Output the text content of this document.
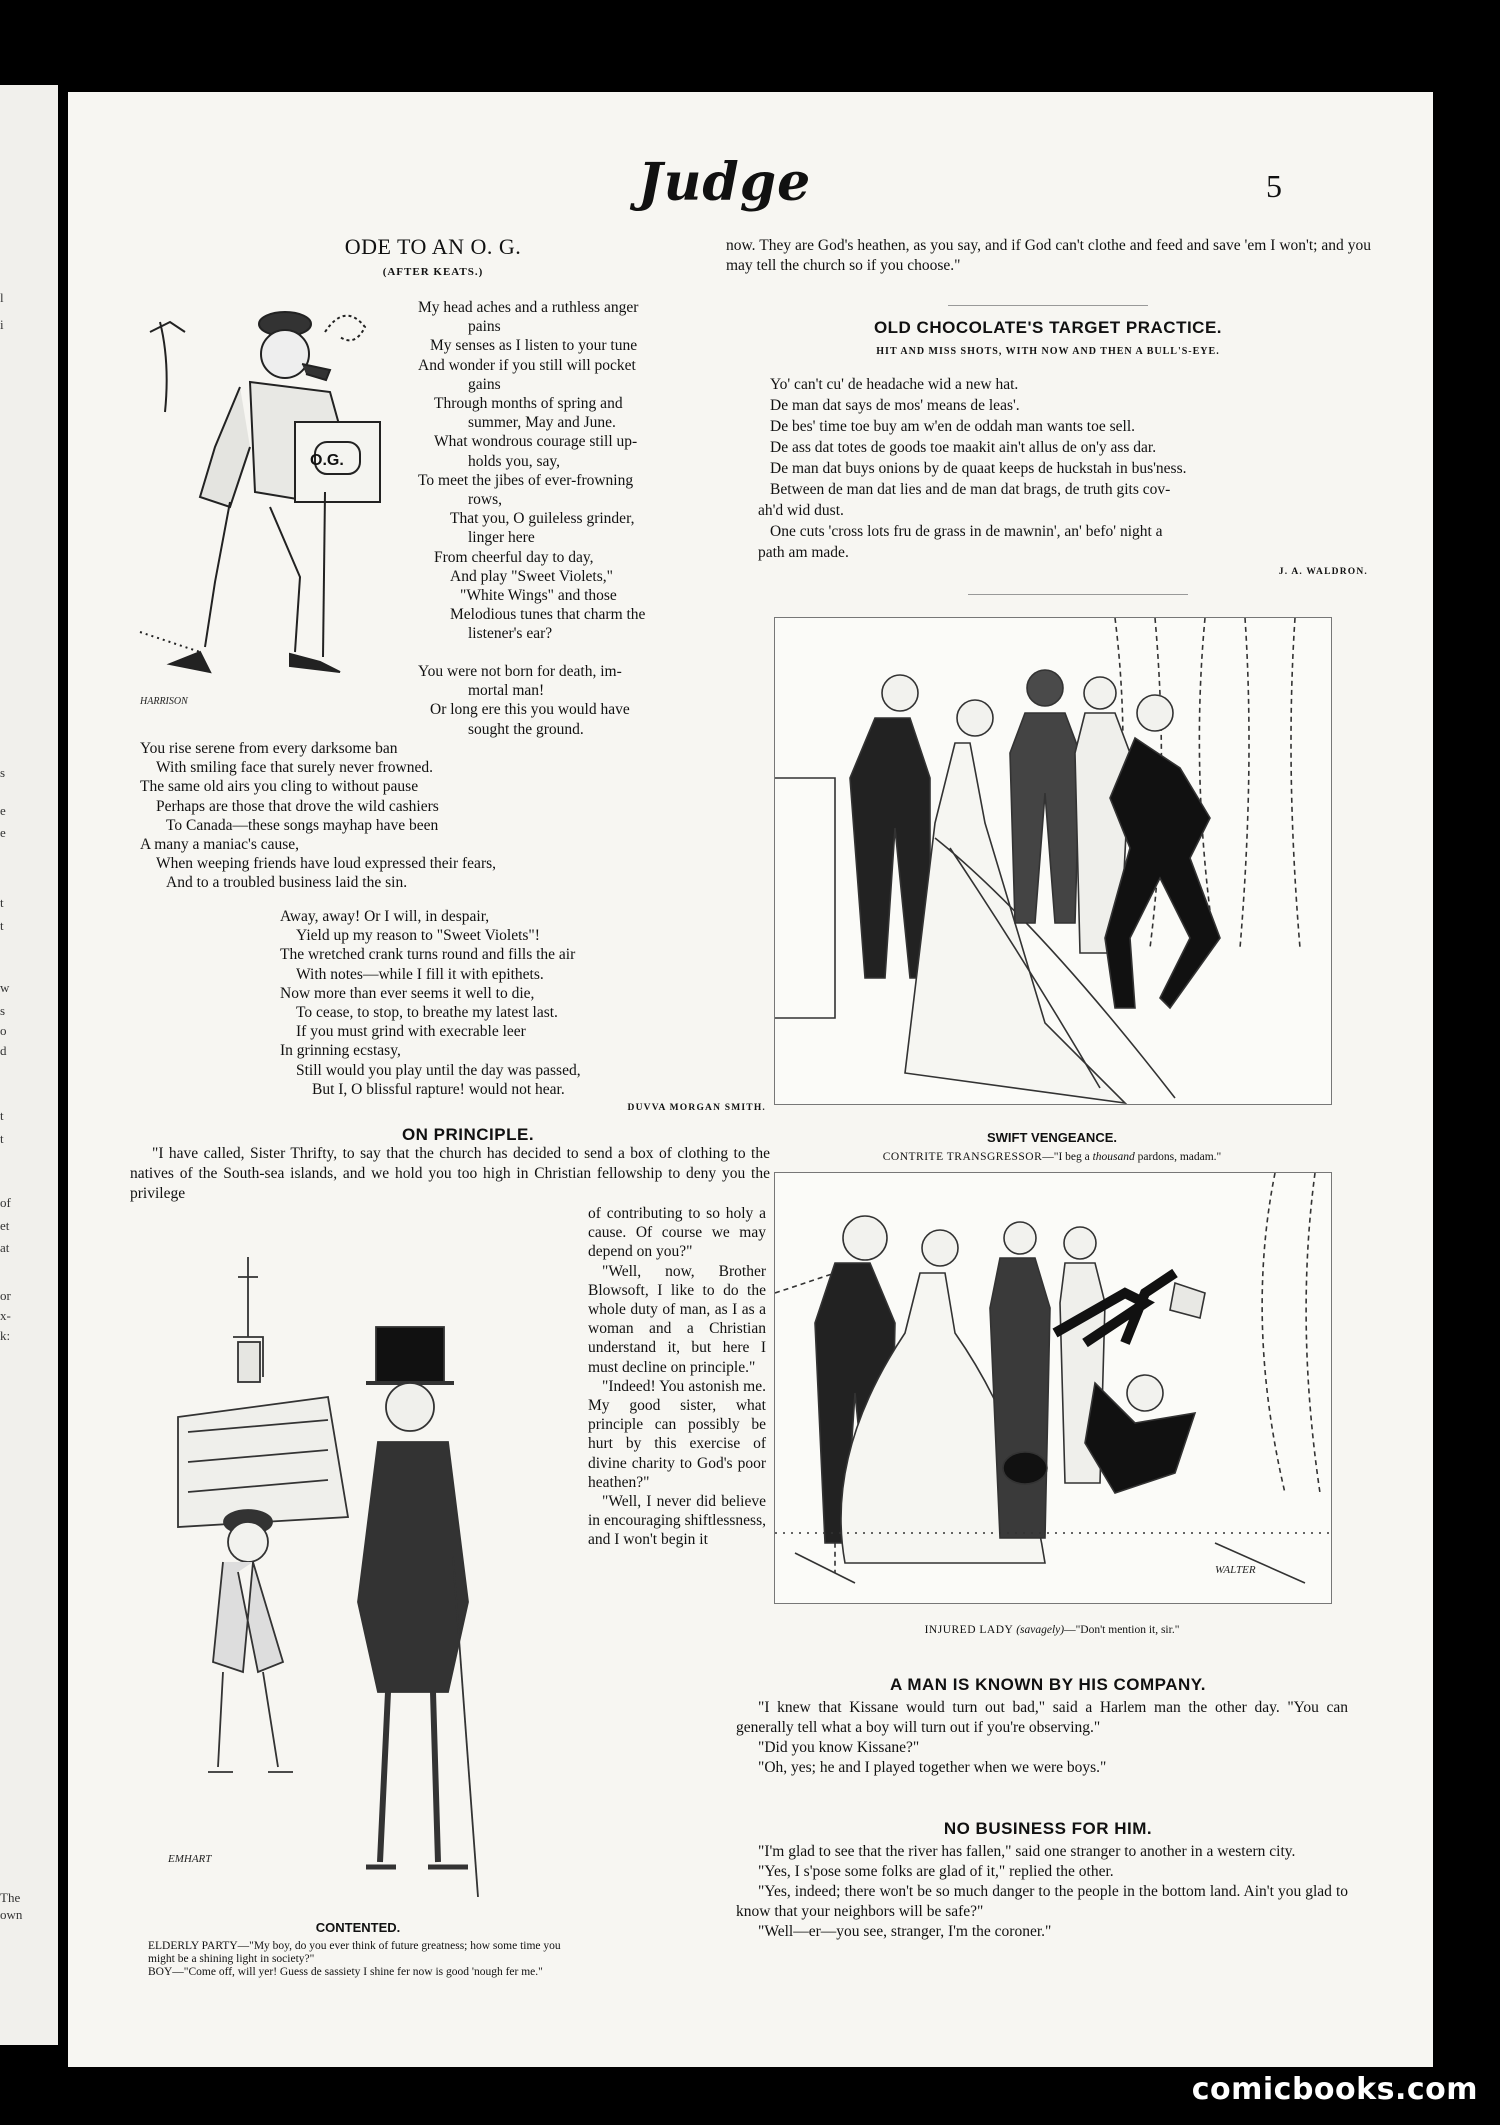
l
i
s
e
e
t
t
w
s
o
d
t
t
of
et
at
or
x-
k:
The
own
Judge	5
ODE TO AN O. G.
(AFTER KEATS.)
O.G.
HARRISON
My head aches and a ruthless anger
pains
My senses as I listen to your tune
And wonder if you still will pocket
gains
Through months of spring and
summer, May and June.
What wondrous courage still up-
holds you, say,
To meet the jibes of ever-frowning
rows,
That you, O guileless grinder,
linger here
From cheerful day to day,
And play "Sweet Violets,"
"White Wings" and those
Melodious tunes that charm the
listener's ear?
You were not born for death, im-
mortal man!
Or long ere this you would have
sought the ground.
You rise serene from every darksome ban
With smiling face that surely never frowned.
The same old airs you cling to without pause
Perhaps are those that drove the wild cashiers
To Canada—these songs mayhap have been
A many a maniac's cause,
When weeping friends have loud expressed their fears,
And to a troubled business laid the sin.
Away, away! Or I will, in despair,
Yield up my reason to "Sweet Violets"!
The wretched crank turns round and fills the air
With notes—while I fill it with epithets.
Now more than ever seems it well to die,
To cease, to stop, to breathe my latest last.
If you must grind with execrable leer
In grinning ecstasy,
Still would you play until the day was passed,
But I, O blissful rapture! would not hear.
DUVVA MORGAN SMITH.
ON PRINCIPLE.

"I have called, Sister Thrifty, to say that the church has decided to send a box of clothing to the natives of the South-sea islands, and we hold you too high in Christian fellowship to deny you the privilege

EMHART

of contributing to so holy a cause. Of course we may depend on you?"

"Well, now, Brother Blowsoft, I like to do the whole duty of man, as I as a woman and a Christian understand it, but here I must decline on principle."

"Indeed! You astonish me. My good sister, what principle can possibly be hurt by this exercise of divine charity to God's poor heathen?"

"Well, I never did believe in encouraging shiftlessness, and I won't begin it

CONTENTED.
ELDERLY PARTY—"My boy, do you ever think of future greatness; how some time you might be a shining light in society?"
BOY—"Come off, will yer! Guess de sassiety I shine fer now is good 'nough fer me."

now. They are God's heathen, as you say, and if God can't clothe and feed and save 'em I won't; and you may tell the church so if you choose."

OLD CHOCOLATE'S TARGET PRACTICE.
HIT AND MISS SHOTS, WITH NOW AND THEN A BULL'S-EYE.
Yo' can't cu' de headache wid a new hat.
De man dat says de mos' means de leas'.
De bes' time toe buy am w'en de oddah man wants toe sell.
De ass dat totes de goods toe maakit ain't allus de on'y ass dar.
De man dat buys onions by de quaat keeps de huckstah in bus'ness.
Between de man dat lies and de man dat brags, de truth gits cov-
ah'd wid dust.
One cuts 'cross lots fru de grass in de mawnin', an' befo' night a
path am made.
J. A. WALDRON.
SWIFT VENGEANCE.
CONTRITE TRANSGRESSOR—"I beg a thousand pardons, madam."
WALTER
INJURED LADY (savagely)—"Don't mention it, sir."
A MAN IS KNOWN BY HIS COMPANY.

"I knew that Kissane would turn out bad," said a Harlem man the other day. "You can generally tell what a boy will turn out if you're observing."

"Did you know Kissane?"

"Oh, yes; he and I played together when we were boys."

NO BUSINESS FOR HIM.

"I'm glad to see that the river has fallen," said one stranger to another in a western city.

"Yes, I s'pose some folks are glad of it," replied the other.

"Yes, indeed; there won't be so much danger to the people in the bottom land. Ain't you glad to know that your neighbors will be safe?"

"Well—er—you see, stranger, I'm the coroner."

comicbooks.com
